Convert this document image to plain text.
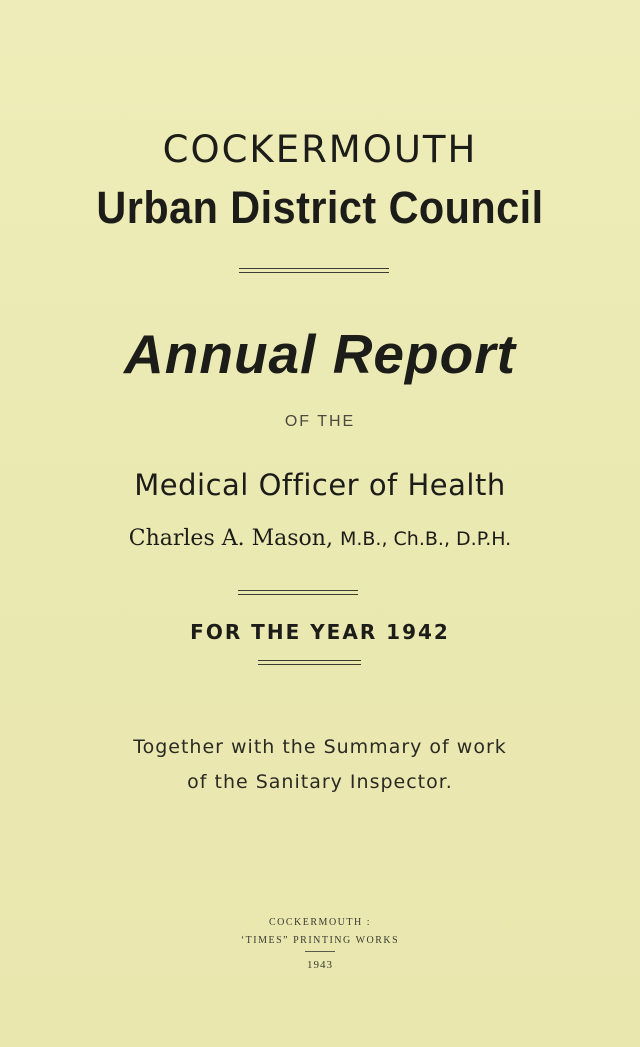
COCKERMOUTH
Urban District Council
Annual Report
OF THE
Medical Officer of Health
Charles A. Mason, M.B., Ch.B., D.P.H.
FOR THE YEAR 1942
Together with the Summary of work
of the Sanitary Inspector.
COCKERMOUTH :
‘TIMES” PRINTING WORKS
1943
